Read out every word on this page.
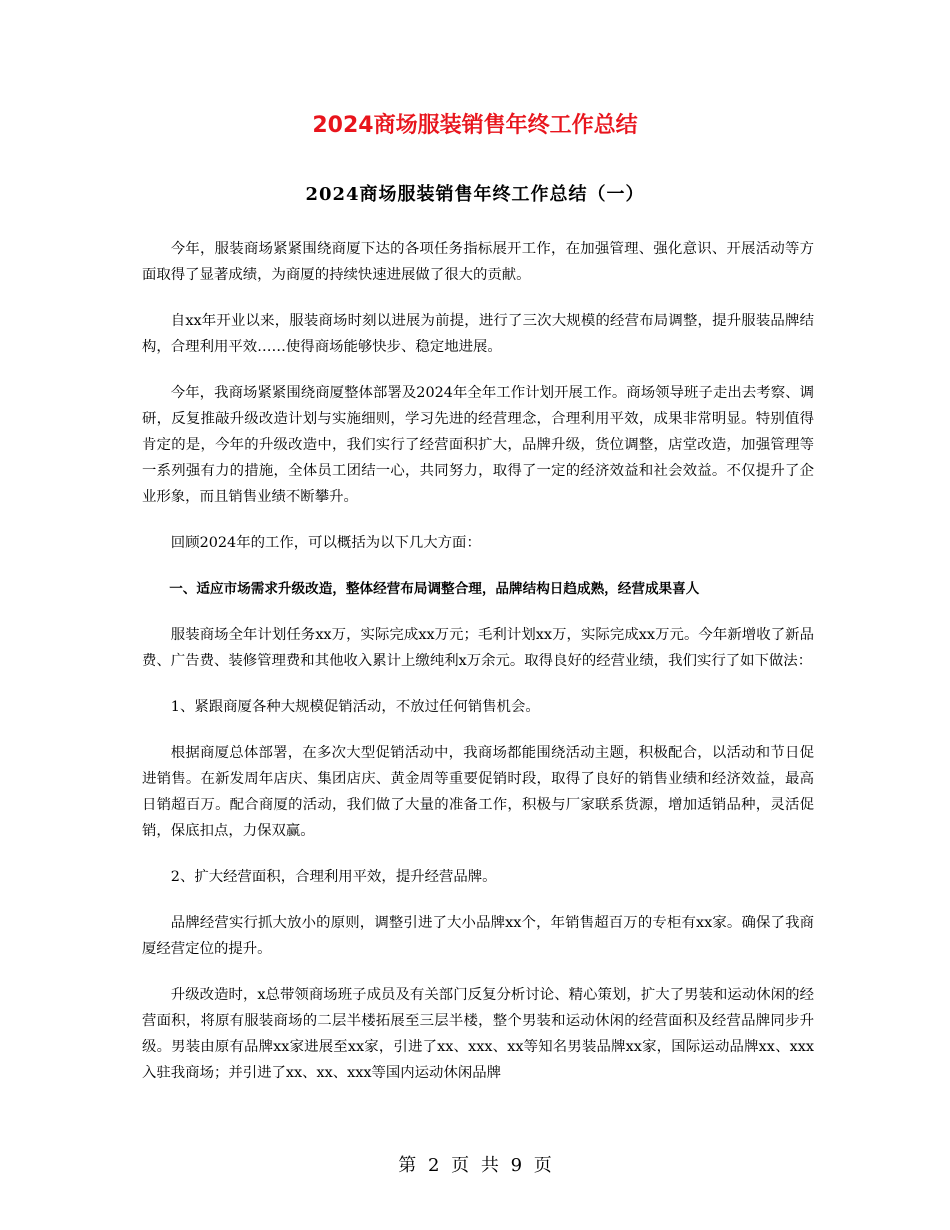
2024商场服装销售年终工作总结
2024商场服装销售年终工作总结（一）

今年，服装商场紧紧围绕商厦下达的各项任务指标展开工作，在加强管理、强化意识、开展活动等方面取得了显著成绩，为商厦的持续快速进展做了很大的贡献。

自xx年开业以来，服装商场时刻以进展为前提，进行了三次大规模的经营布局调整，提升服装品牌结构，合理利用平效……使得商场能够快步、稳定地进展。

今年，我商场紧紧围绕商厦整体部署及2024年全年工作计划开展工作。商场领导班子走出去考察、调研，反复推敲升级改造计划与实施细则，学习先进的经营理念，合理利用平效，成果非常明显。特别值得肯定的是，今年的升级改造中，我们实行了经营面积扩大，品牌升级，货位调整，店堂改造，加强管理等一系列强有力的措施，全体员工团结一心，共同努力，取得了一定的经济效益和社会效益。不仅提升了企业形象，而且销售业绩不断攀升。

回顾2024年的工作，可以概括为以下几大方面：

一、适应市场需求升级改造，整体经营布局调整合理，品牌结构日趋成熟，经营成果喜人

服装商场全年计划任务xx万，实际完成xx万元；毛利计划xx万，实际完成xx万元。今年新增收了新品费、广告费、装修管理费和其他收入累计上缴纯利x万余元。取得良好的经营业绩，我们实行了如下做法：

1、紧跟商厦各种大规模促销活动，不放过任何销售机会。

根据商厦总体部署，在多次大型促销活动中，我商场都能围绕活动主题，积极配合，以活动和节日促进销售。在新发周年店庆、集团店庆、黄金周等重要促销时段，取得了良好的销售业绩和经济效益，最高日销超百万。配合商厦的活动，我们做了大量的准备工作，积极与厂家联系货源，增加适销品种，灵活促销，保底扣点，力保双赢。

2、扩大经营面积，合理利用平效，提升经营品牌。

品牌经营实行抓大放小的原则，调整引进了大小品牌xx个，年销售超百万的专柜有xx家。确保了我商厦经营定位的提升。

升级改造时，x总带领商场班子成员及有关部门反复分析讨论、精心策划，扩大了男装和运动休闲的经营面积，将原有服装商场的二层半楼拓展至三层半楼，整个男装和运动休闲的经营面积及经营品牌同步升级。男装由原有品牌xx家进展至xx家，引进了xx、xxx、xx等知名男装品牌xx家，国际运动品牌xx、xxx入驻我商场；并引进了xx、xx、xxx等国内运动休闲品牌

第 2 页 共 9 页
